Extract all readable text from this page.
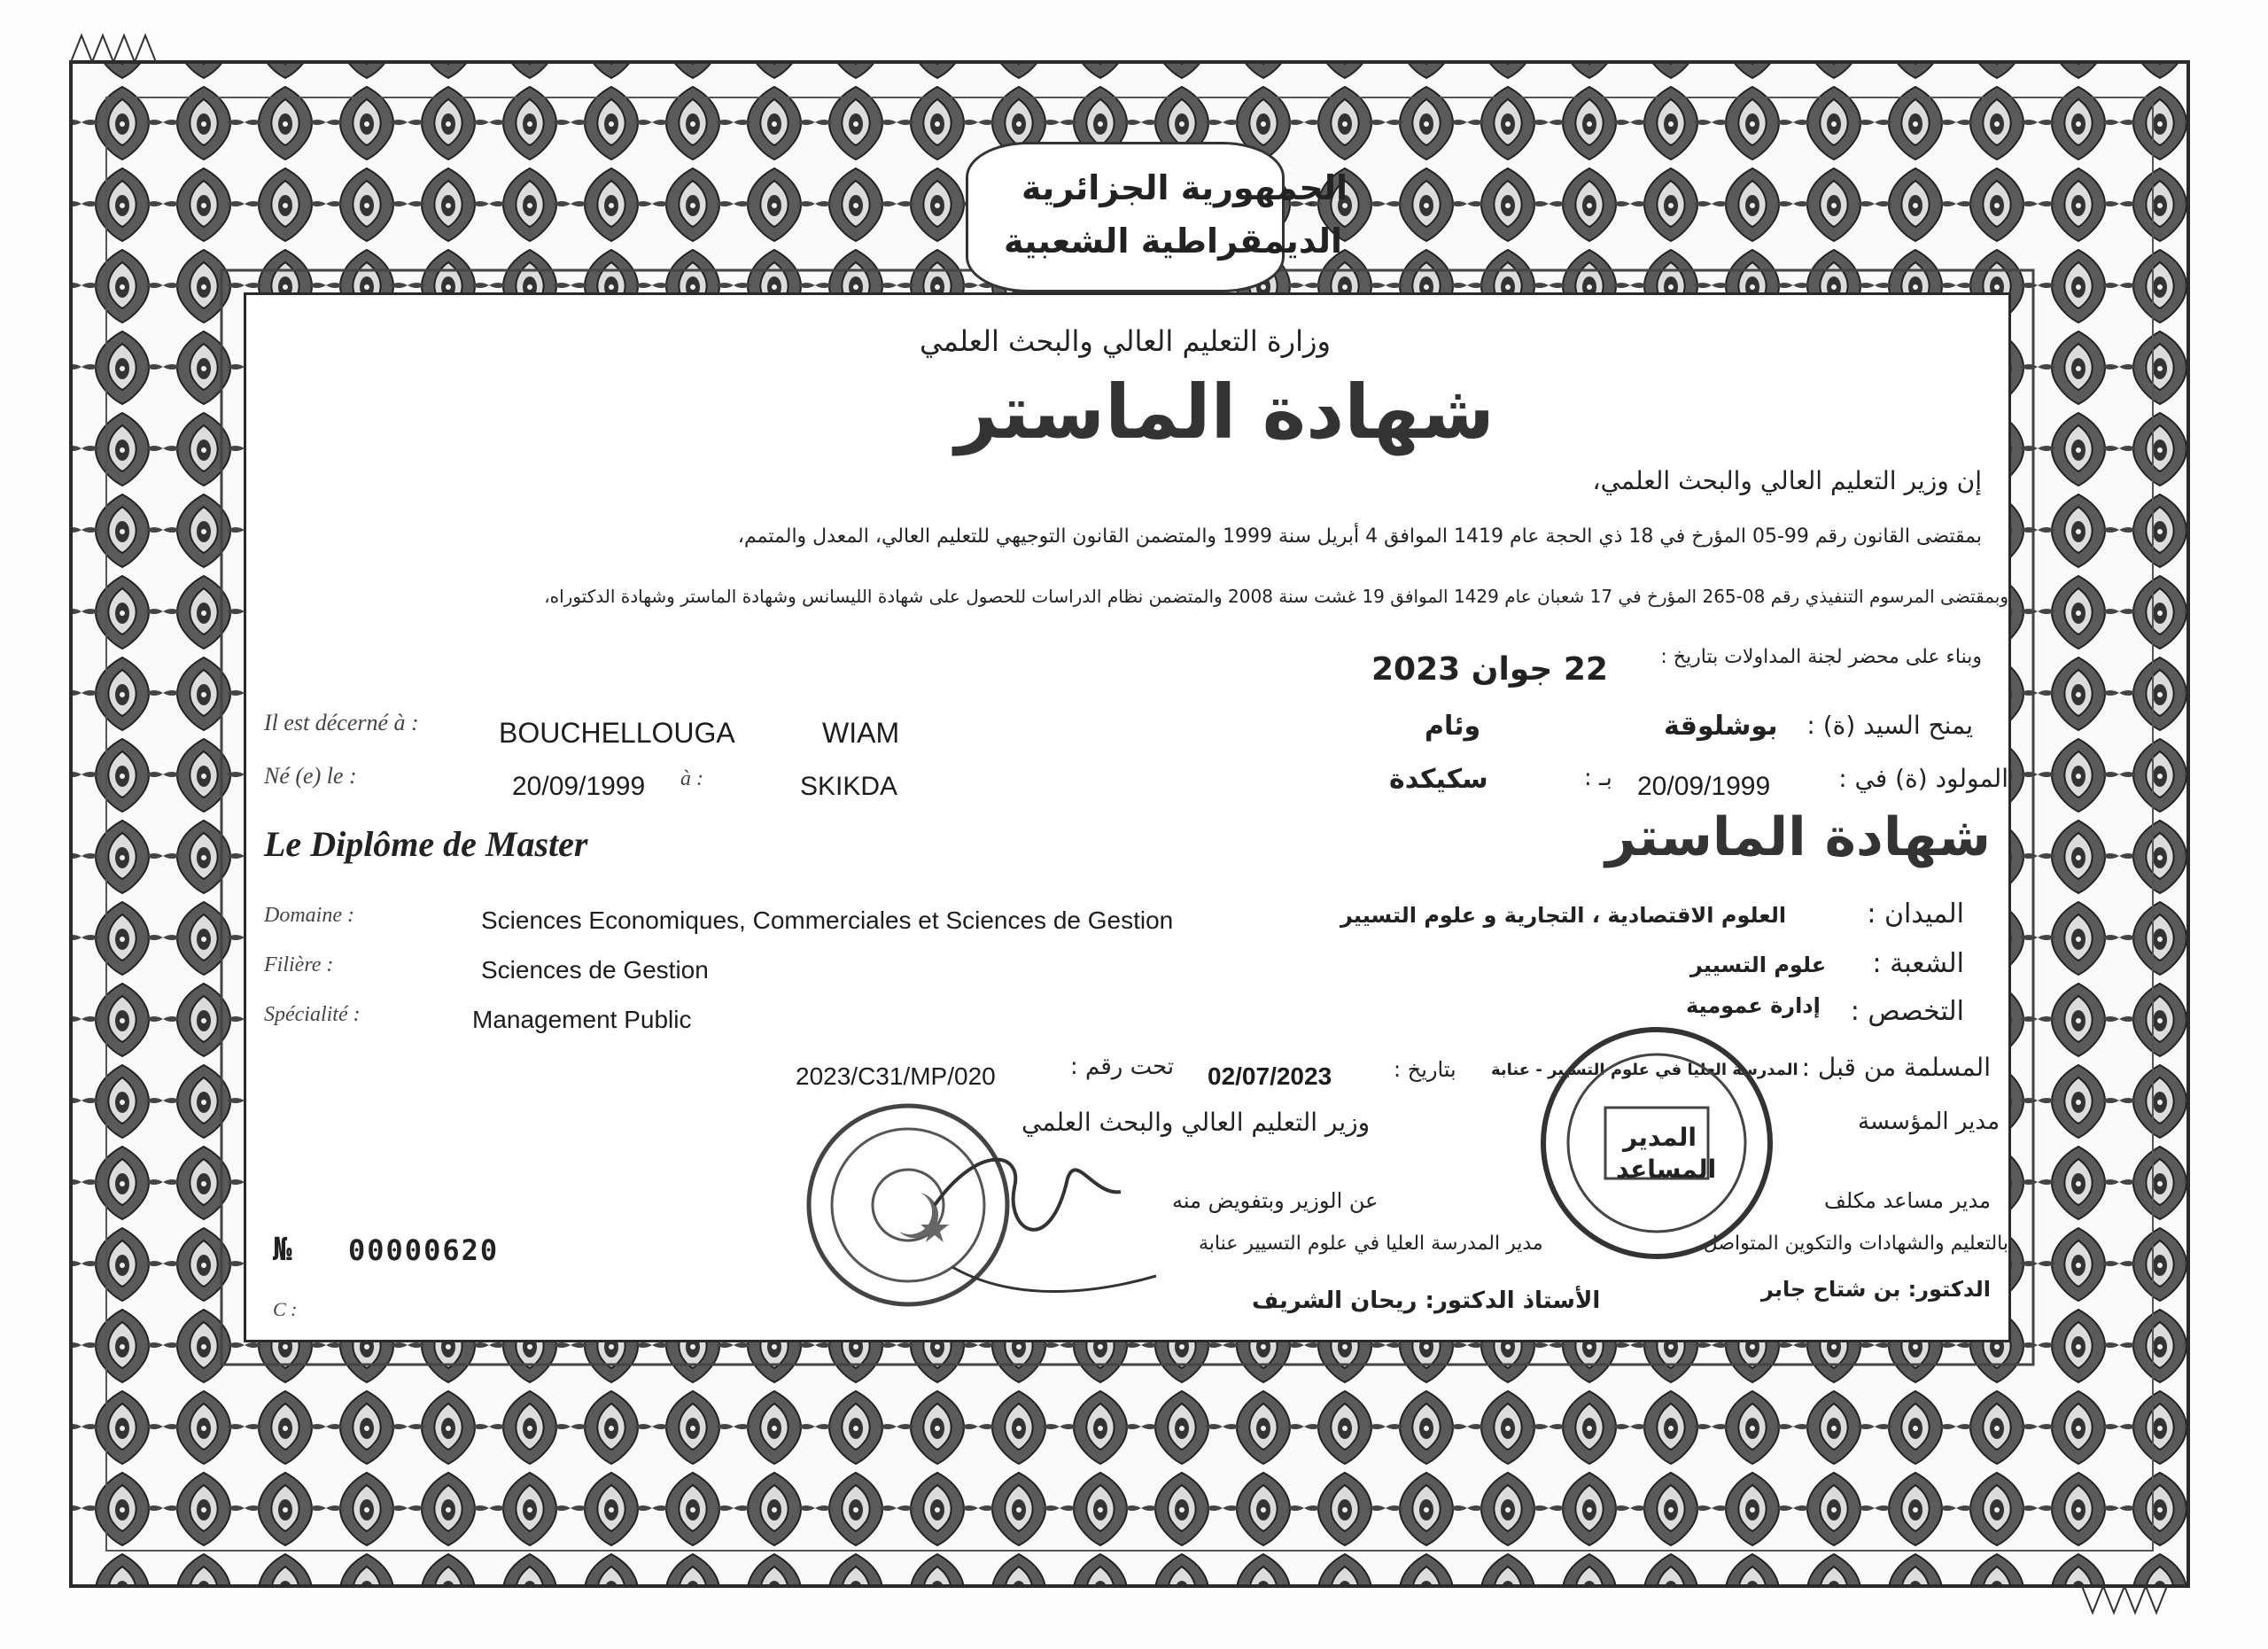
الجمهورية الجزائرية
الديمقراطية الشعبية
وزارة التعليم العالي والبحث العلمي
شهادة الماستر
إن وزير التعليم العالي والبحث العلمي،
بمقتضى القانون رقم 99-05 المؤرخ في 18 ذي الحجة عام 1419 الموافق 4 أبريل سنة 1999 والمتضمن القانون التوجيهي للتعليم العالي، المعدل والمتمم،
وبمقتضى المرسوم التنفيذي رقم 08-265 المؤرخ في 17 شعبان عام 1429 الموافق 19 غشت سنة 2008 والمتضمن نظام الدراسات للحصول على شهادة الليسانس وشهادة الماستر وشهادة الدكتوراه،
وبناء على محضر لجنة المداولات بتاريخ :
22 جوان 2023
Il est décerné à :	BOUCHELLOUGA	WIAM	وئام	بوشلوقة يمنح السيد (ة) :
Né (e) le :	20/09/1999 à :	SKIKDA	سكيكدة	بـ : 20/09/1999	المولود (ة) في :
Le Diplôme de Master	شهادة الماستر
Domaine :	Sciences Economiques, Commerciales et Sciences de Gestion	العلوم الاقتصادية ، التجارية و علوم التسيير	الميدان :
Filière :	Sciences de Gestion	علوم التسيير الشعبة :
Spécialité :	Management Public	إدارة عمومية التخصص :
2023/C31/MP/020	تحت رقم : 02/07/2023	بتاريخ : المدرسة العليا في علوم التسيير - عنابة المسلمة من قبل :
وزير التعليم العالي والبحث العلمي
عن الوزير وبتفويض منه
مدير المدرسة العليا في علوم التسيير عنابة
الأستاذ الدكتور: ريحان الشريف
مدير المؤسسة
مدير مساعد مكلف
بالتعليم والشهادات والتكوين المتواصل
الدكتور: بن شتاح جابر
№ 00000620
C :
المدير
المساعد
